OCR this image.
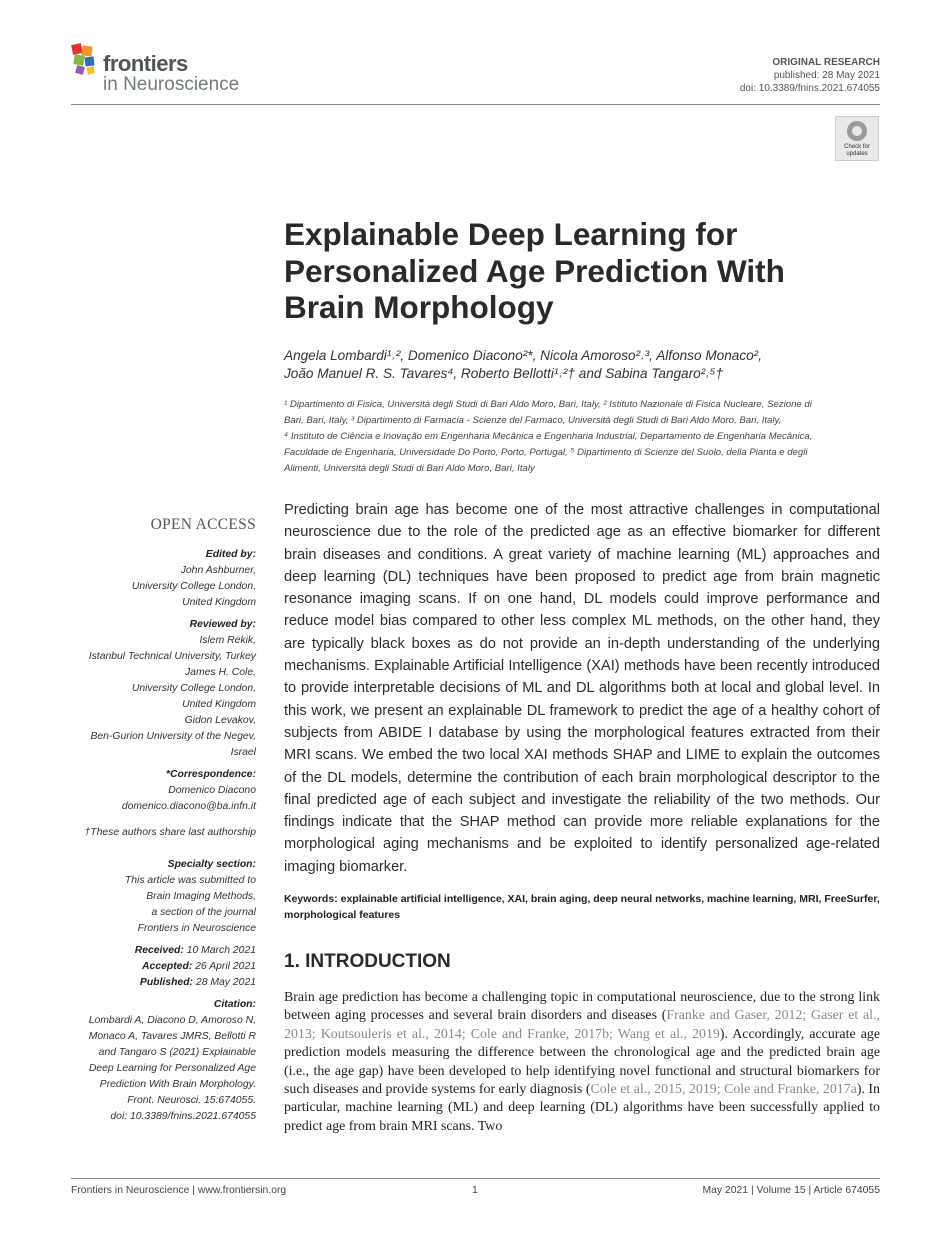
frontiers
in Neuroscience
ORIGINAL RESEARCH
published: 28 May 2021
doi: 10.3389/fnins.2021.674055
Check for updates
Explainable Deep Learning for
Personalized Age Prediction With
Brain Morphology
Angela Lombardi¹˒², Domenico Diacono²*, Nicola Amoroso²˒³, Alfonso Monaco²,
João Manuel R. S. Tavares⁴, Roberto Bellotti¹˒²† and Sabina Tangaro²˒⁵†
¹ Dipartimento di Fisica, Università degli Studi di Bari Aldo Moro, Bari, Italy, ² Istituto Nazionale di Fisica Nucleare, Sezione di
Bari, Bari, Italy, ³ Dipartimento di Farmacia - Scienze del Farmaco, Università degli Studi di Bari Aldo Moro, Bari, Italy,
⁴ Instituto de Ciência e Inovação em Engenharia Mecânica e Engenharia Industrial, Departamento de Engenharia Mecânica,
Faculdade de Engenharia, Universidade Do Porto, Porto, Portugal, ⁵ Dipartimento di Scienze del Suolo, della Pianta e degli
Alimenti, Università degli Studi di Bari Aldo Moro, Bari, Italy
OPEN ACCESS
Edited by:
John Ashburner,
University College London,
United Kingdom
Reviewed by:
Islem Rekik,
Istanbul Technical University, Turkey
James H. Cole,
University College London,
United Kingdom
Gidon Levakov,
Ben-Gurion University of the Negev,
Israel
*Correspondence:
Domenico Diacono
domenico.diacono@ba.infn.it
†These authors share last authorship
Specialty section:
This article was submitted to
Brain Imaging Methods,
a section of the journal
Frontiers in Neuroscience
Received: 10 March 2021
Accepted: 26 April 2021
Published: 28 May 2021
Citation:
Lombardi A, Diacono D, Amoroso N,
Monaco A, Tavares JMRS, Bellotti R
and Tangaro S (2021) Explainable
Deep Learning for Personalized Age
Prediction With Brain Morphology.
Front. Neurosci. 15:674055.
doi: 10.3389/fnins.2021.674055
Predicting brain age has become one of the most attractive challenges in computational neuroscience due to the role of the predicted age as an effective biomarker for different brain diseases and conditions. A great variety of machine learning (ML) approaches and deep learning (DL) techniques have been proposed to predict age from brain magnetic resonance imaging scans. If on one hand, DL models could improve performance and reduce model bias compared to other less complex ML methods, on the other hand, they are typically black boxes as do not provide an in-depth understanding of the underlying mechanisms. Explainable Artificial Intelligence (XAI) methods have been recently introduced to provide interpretable decisions of ML and DL algorithms both at local and global level. In this work, we present an explainable DL framework to predict the age of a healthy cohort of subjects from ABIDE I database by using the morphological features extracted from their MRI scans. We embed the two local XAI methods SHAP and LIME to explain the outcomes of the DL models, determine the contribution of each brain morphological descriptor to the final predicted age of each subject and investigate the reliability of the two methods. Our findings indicate that the SHAP method can provide more reliable explanations for the morphological aging mechanisms and be exploited to identify personalized age-related imaging biomarker.
Keywords: explainable artificial intelligence, XAI, brain aging, deep neural networks, machine learning, MRI, FreeSurfer, morphological features
1. INTRODUCTION
Brain age prediction has become a challenging topic in computational neuroscience, due to the strong link between aging processes and several brain disorders and diseases (Franke and Gaser, 2012; Gaser et al., 2013; Koutsouleris et al., 2014; Cole and Franke, 2017b; Wang et al., 2019). Accordingly, accurate age prediction models measuring the difference between the chronological age and the predicted brain age (i.e., the age gap) have been developed to help identifying novel functional and structural biomarkers for such diseases and provide systems for early diagnosis (Cole et al., 2015, 2019; Cole and Franke, 2017a). In particular, machine learning (ML) and deep learning (DL) algorithms have been successfully applied to predict age from brain MRI scans. Two
Frontiers in Neuroscience | www.frontiersin.org	1	May 2021 | Volume 15 | Article 674055
